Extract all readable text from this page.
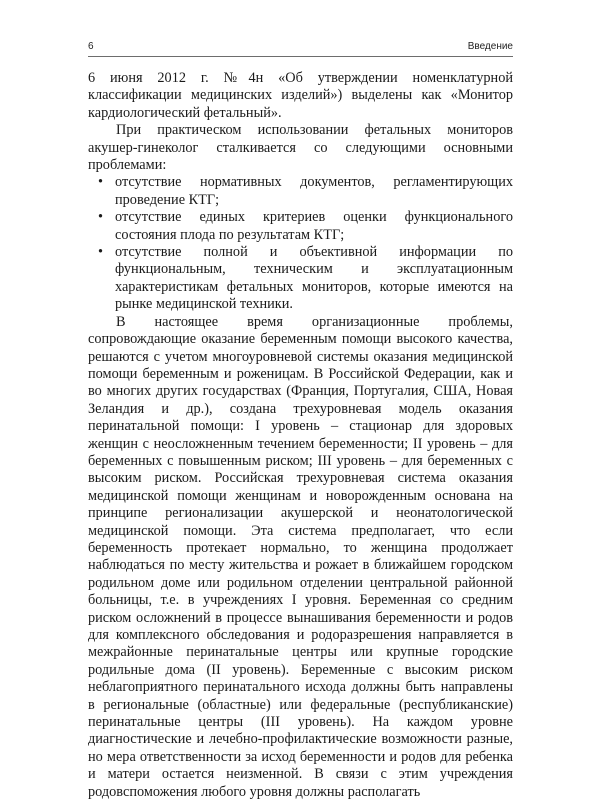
6	Введение

6 июня 2012 г. №4н «Об утверждении номенклатурной классификации медицинских изделий») выделены как «Монитор кардиологический фетальный».

При практическом использовании фетальных мониторов акушер-гинеколог сталкивается со следующими основными проблемами:

• отсутствие нормативных документов, регламентирующих проведение КТГ;
• отсутствие единых критериев оценки функционального состояния плода по результатам КТГ;
• отсутствие полной и объективной информации по функциональным, техническим и эксплуатационным характеристикам фетальных мониторов, которые имеются на рынке медицинской техники.

В настоящее время организационные проблемы, сопровождающие оказание беременным помощи высокого качества, решаются с учетом многоуровневой системы оказания медицинской помощи беременным и роженицам. В Российской Федерации, как и во многих других государствах (Франция, Португалия, США, Новая Зеландия и др.), создана трехуровневая модель оказания перинатальной помощи: I уровень – стационар для здоровых женщин с неосложненным течением беременности; II уровень – для беременных с повышенным риском; III уровень – для беременных с высоким риском. Российская трехуровневая система оказания медицинской помощи женщинам и новорожденным основана на принципе регионализации акушерской и неонатологической медицинской помощи. Эта система предполагает, что если беременность протекает нормально, то женщина продолжает наблюдаться по месту жительства и рожает в ближайшем городском родильном доме или родильном отделении центральной районной больницы, т.е. в учреждениях I уровня. Беременная со средним риском осложнений в процессе вынашивания беременности и родов для комплексного обследования и родоразрешения направляется в межрайонные перинатальные центры или крупные городские родильные дома (II уровень). Беременные с высоким риском неблагоприятного перинатального исхода должны быть направлены в региональные (областные) или федеральные (республиканские) перинатальные центры (III уровень). На каждом уровне диагностические и лечебно-профилактические возможности разные, но мера ответственности за исход беременности и родов для ребенка и матери остается неизменной. В связи с этим учреждения родовспоможения любого уровня должны располагать
